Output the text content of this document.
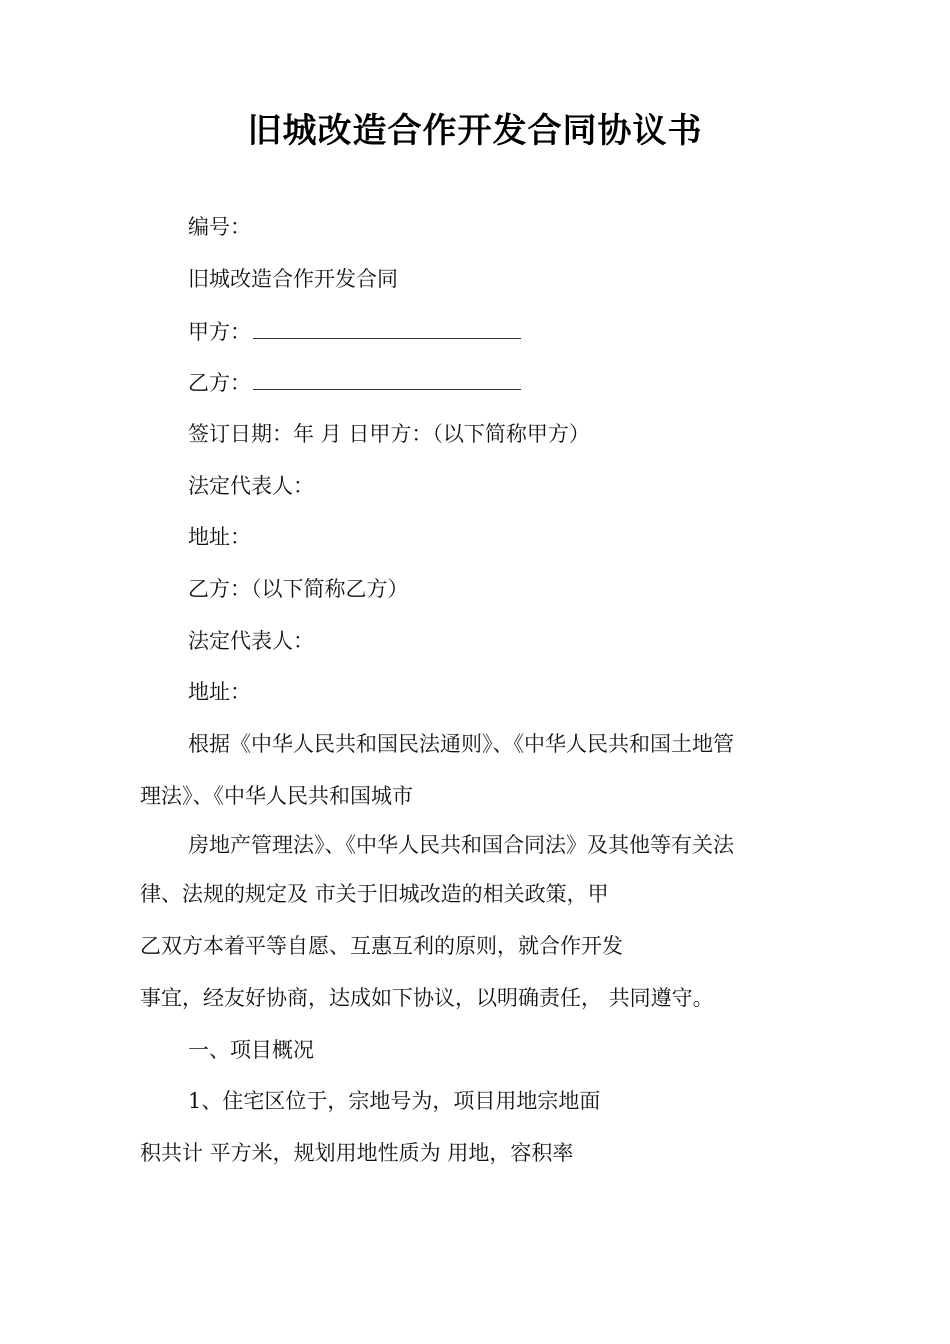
旧城改造合作开发合同协议书
编号：
旧城改造合作开发合同
甲方：
乙方：
签订日期：年 月 日甲方：（以下简称甲方）
法定代表人：
地址：
乙方：（以下简称乙方）
法定代表人：
地址：
根据《中华人民共和国民法通则》、《中华人民共和国土地管
理法》、《中华人民共和国城市
房地产管理法》、《中华人民共和国合同法》及其他等有关法
律、法规的规定及 市关于旧城改造的相关政策，甲
乙双方本着平等自愿、互惠互利的原则，就合作开发
事宜，经友好协商，达成如下协议，以明确责任， 共同遵守。
一、项目概况
1、住宅区位于，宗地号为，项目用地宗地面
积共计 平方米，规划用地性质为 用地，容积率
